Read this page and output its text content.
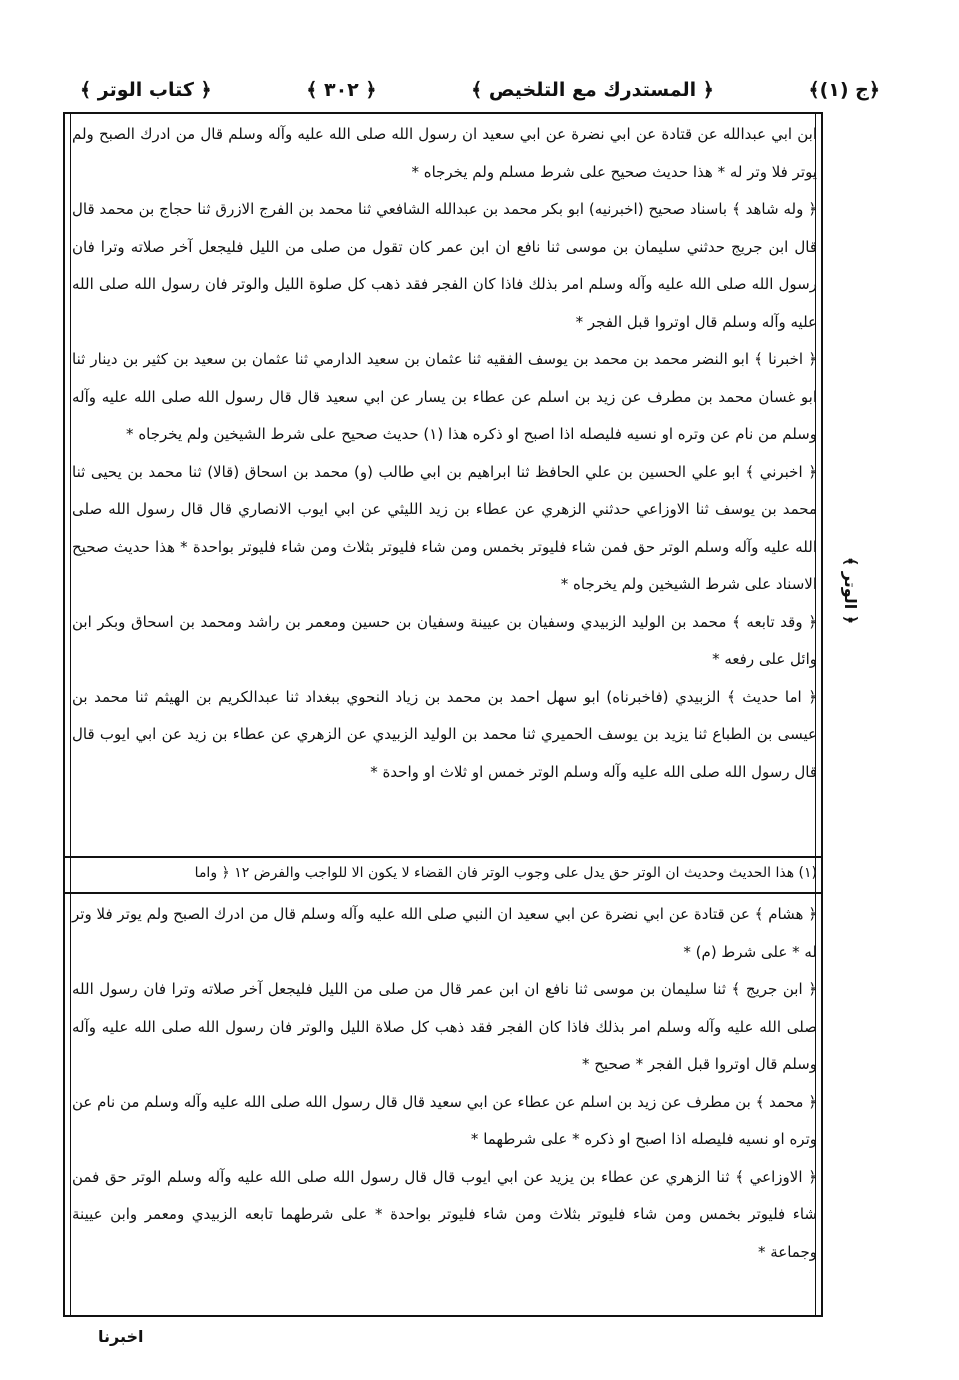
﴿ج (١)﴾
﴿ المستدرك مع التلخيص ﴾
﴿ ٣٠٢ ﴾
﴿ كتاب الوتر ﴾

ابن ابي عبدالله عن قتادة عن ابي نضرة عن ابي سعيد ان رسول الله صلى الله عليه وآله وسلم قال من ادرك الصبح ولم يوتر فلا وتر له * هذا حديث صحيح على شرط مسلم ولم يخرجاه *

﴿ وله شاهد ﴾ باسناد صحيح (اخبرنيه) ابو بكر محمد بن عبدالله الشافعي ثنا محمد بن الفرج الازرق ثنا حجاج بن محمد قال قال ابن جريج حدثني سليمان بن موسى ثنا نافع ان ابن عمر كان تقول من صلى من الليل فليجعل آخر صلاته وترا فان رسول الله صلى الله عليه وآله وسلم امر بذلك فاذا كان الفجر فقد ذهب كل صلوة الليل والوتر فان رسول الله صلى الله عليه وآله وسلم قال اوتروا قبل الفجر *

﴿ اخبرنا ﴾ ابو النضر محمد بن محمد بن يوسف الفقيه ثنا عثمان بن سعيد الدارمي ثنا عثمان بن سعيد بن كثير بن دينار ثنا ابو غسان محمد بن مطرف عن زيد بن اسلم عن عطاء بن يسار عن ابي سعيد قال قال رسول الله صلى الله عليه وآله وسلم من نام عن وتره او نسيه فليصله اذا اصبح او ذكره هذا (١) حديث صحيح على شرط الشيخين ولم يخرجاه *

﴿ اخبرني ﴾ ابو علي الحسين بن علي الحافظ ثنا ابراهيم بن ابي طالب (و) محمد بن اسحاق (قالا) ثنا محمد بن يحيى ثنا محمد بن يوسف ثنا الاوزاعي حدثني الزهري عن عطاء بن زيد الليثي عن ابي ايوب الانصاري قال قال رسول الله صلى الله عليه وآله وسلم الوتر حق فمن شاء فليوتر بخمس ومن شاء فليوتر بثلاث ومن شاء فليوتر بواحدة * هذا حديث صحيح الاسناد على شرط الشيخين ولم يخرجاه *

﴿ وقد تابعه ﴾ محمد بن الوليد الزبيدي وسفيان بن عيينة وسفيان بن حسين ومعمر بن راشد ومحمد بن اسحاق وبكر ابن وائل على رفعه *

﴿ اما حديث ﴾ الزبيدي (فاخبرناه) ابو سهل احمد بن محمد بن زياد النحوي ببغداد ثنا عبدالكريم بن الهيثم ثنا محمد بن عيسى بن الطباع ثنا يزيد بن يوسف الحميري ثنا محمد بن الوليد الزبيدي عن الزهري عن عطاء بن زيد عن ابي ايوب قال قال رسول الله صلى الله عليه وآله وسلم الوتر خمس او ثلاث او واحدة *

(١) هذا الحديث وحديث ان الوتر حق يدل على وجوب الوتر فان القضاء لا يكون الا للواجب والفرض ١٢ ﴿ واما

﴿ هشام ﴾ عن قتادة عن ابي نضرة عن ابي سعيد ان النبي صلى الله عليه وآله وسلم قال من ادرك الصبح ولم يوتر فلا وتر له * على شرط (م) *

﴿ ابن جريج ﴾ ثنا سليمان بن موسى ثنا نافع ان ابن عمر قال من صلى من الليل فليجعل آخر صلاته وترا فان رسول الله صلى الله عليه وآله وسلم امر بذلك فاذا كان الفجر فقد ذهب كل صلاة الليل والوتر فان رسول الله صلى الله عليه وآله وسلم قال اوتروا قبل الفجر * صحيح *

﴿ محمد ﴾ بن مطرف عن زيد بن اسلم عن عطاء عن ابي سعيد قال قال رسول الله صلى الله عليه وآله وسلم من نام عن وتره او نسيه فليصله اذا اصبح او ذكره * على شرطهما *

﴿ الاوزاعي ﴾ ثنا الزهري عن عطاء بن يزيد عن ابي ايوب قال قال رسول الله صلى الله عليه وآله وسلم الوتر حق فمن شاء فليوتر بخمس ومن شاء فليوتر بثلاث ومن شاء فليوتر بواحدة * على شرطهما تابعه الزبيدي ومعمر وابن عيينة وجماعة *

﴿ الوتر ﴾
اخبرنا
